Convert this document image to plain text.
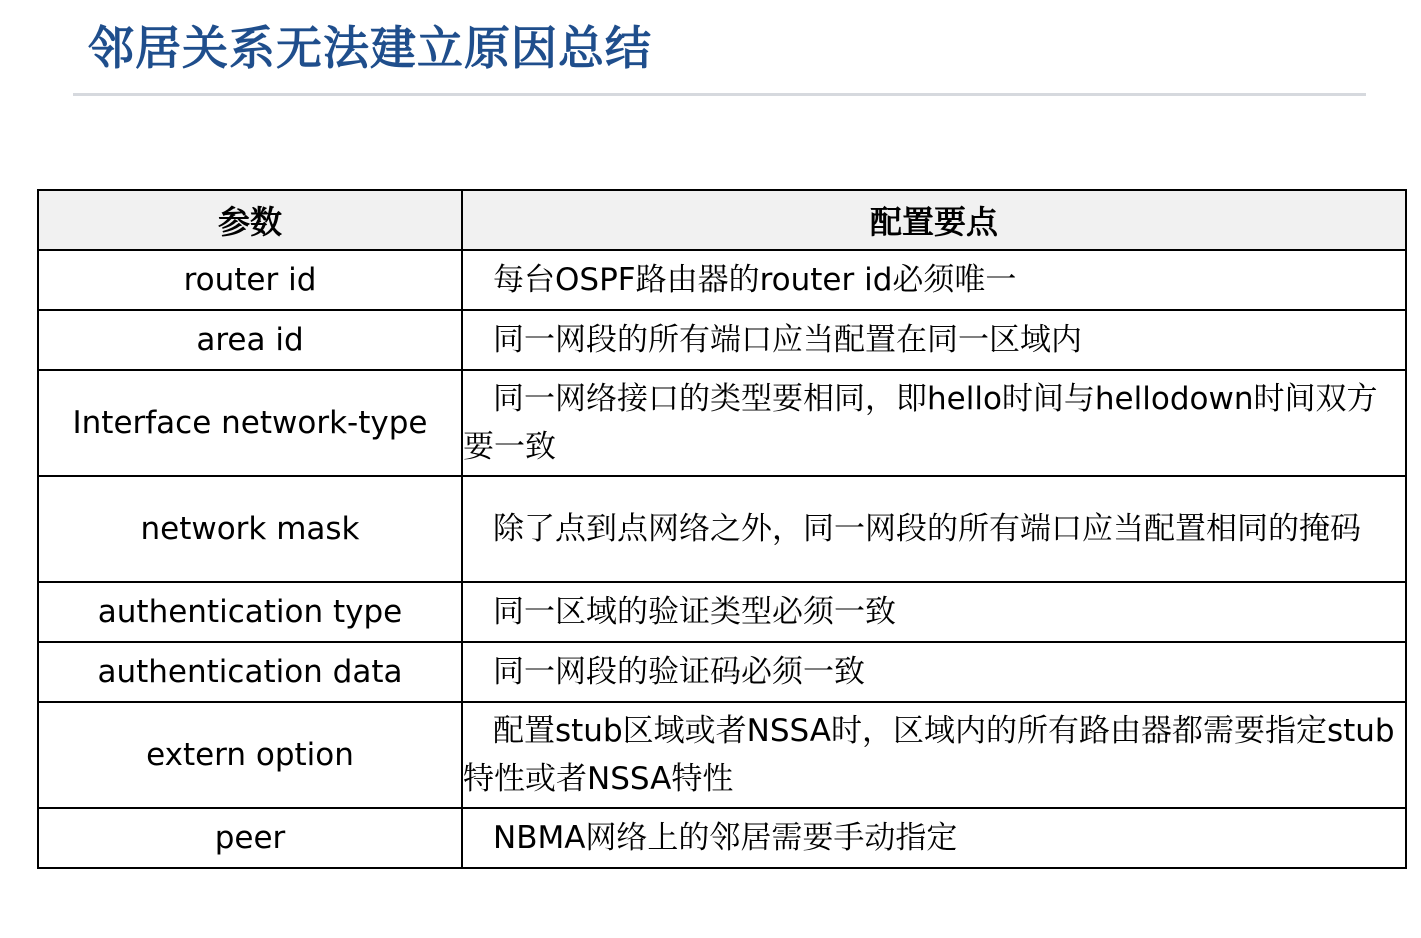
邻居关系无法建立原因总结
参数	配置要点
router id	每台OSPF路由器的router id必须唯一
area id	同一网段的所有端口应当配置在同一区域内
Interface network-type	同一网络接口的类型要相同，即hello时间与hellodown时间双方要一致
network mask	除了点到点网络之外，同一网段的所有端口应当配置相同的掩码
authentication type	同一区域的验证类型必须一致
authentication data	同一网段的验证码必须一致
extern option	配置stub区域或者NSSA时，区域内的所有路由器都需要指定stub特性或者NSSA特性
peer	NBMA网络上的邻居需要手动指定
